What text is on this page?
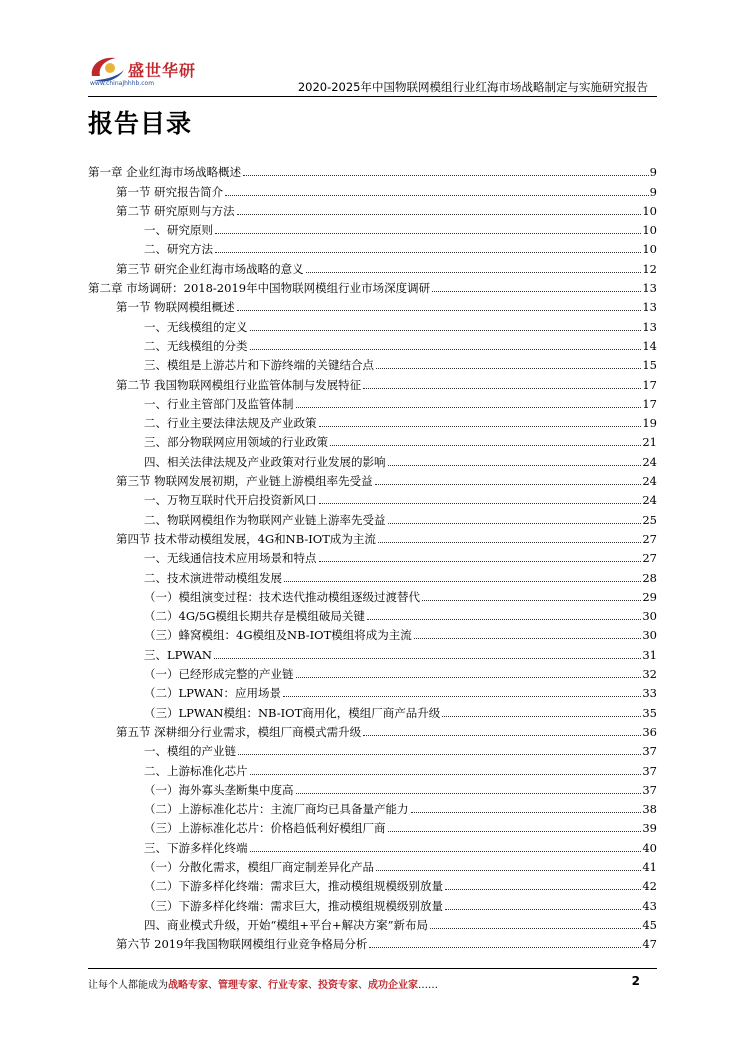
盛世华研
www.chinaJhhhb.com	2020-2025年中国物联网模组行业红海市场战略制定与实施研究报告
报告目录
第一章 企业红海市场战略概述	9
第一节 研究报告简介	9
第二节 研究原则与方法	10
一、研究原则	10
二、研究方法	10
第三节 研究企业红海市场战略的意义	12
第二章 市场调研：2018-2019年中国物联网模组行业市场深度调研	13
第一节 物联网模组概述	13
一、无线模组的定义	13
二、无线模组的分类	14
三、模组是上游芯片和下游终端的关键结合点	15
第二节 我国物联网模组行业监管体制与发展特征	17
一、行业主管部门及监管体制	17
二、行业主要法律法规及产业政策	19
三、部分物联网应用领域的行业政策	21
四、相关法律法规及产业政策对行业发展的影响	24
第三节 物联网发展初期，产业链上游模组率先受益	24
一、万物互联时代开启投资新风口	24
二、物联网模组作为物联网产业链上游率先受益	25
第四节 技术带动模组发展，4G和NB-IOT成为主流	27
一、无线通信技术应用场景和特点	27
二、技术演进带动模组发展	28
（一）模组演变过程：技术迭代推动模组逐级过渡替代	29
（二）4G/5G模组长期共存是模组破局关键	30
（三）蜂窝模组：4G模组及NB-IOT模组将成为主流	30
三、LPWAN	31
（一）已经形成完整的产业链	32
（二）LPWAN：应用场景	33
（三）LPWAN模组：NB-IOT商用化，模组厂商产品升级	35
第五节 深耕细分行业需求，模组厂商模式需升级	36
一、模组的产业链	37
二、上游标准化芯片	37
（一）海外寡头垄断集中度高	37
（二）上游标准化芯片：主流厂商均已具备量产能力	38
（三）上游标准化芯片：价格趋低利好模组厂商	39
三、下游多样化终端	40
（一）分散化需求，模组厂商定制差异化产品	41
（二）下游多样化终端：需求巨大，推动模组规模级别放量	42
（三）下游多样化终端：需求巨大，推动模组规模级别放量	43
四、商业模式升级，开始“模组+平台+解决方案”新布局	45
第六节 2019年我国物联网模组行业竞争格局分析	47
让每个人都能成为战略专家、管理专家、行业专家、投资专家、成功企业家……	2
